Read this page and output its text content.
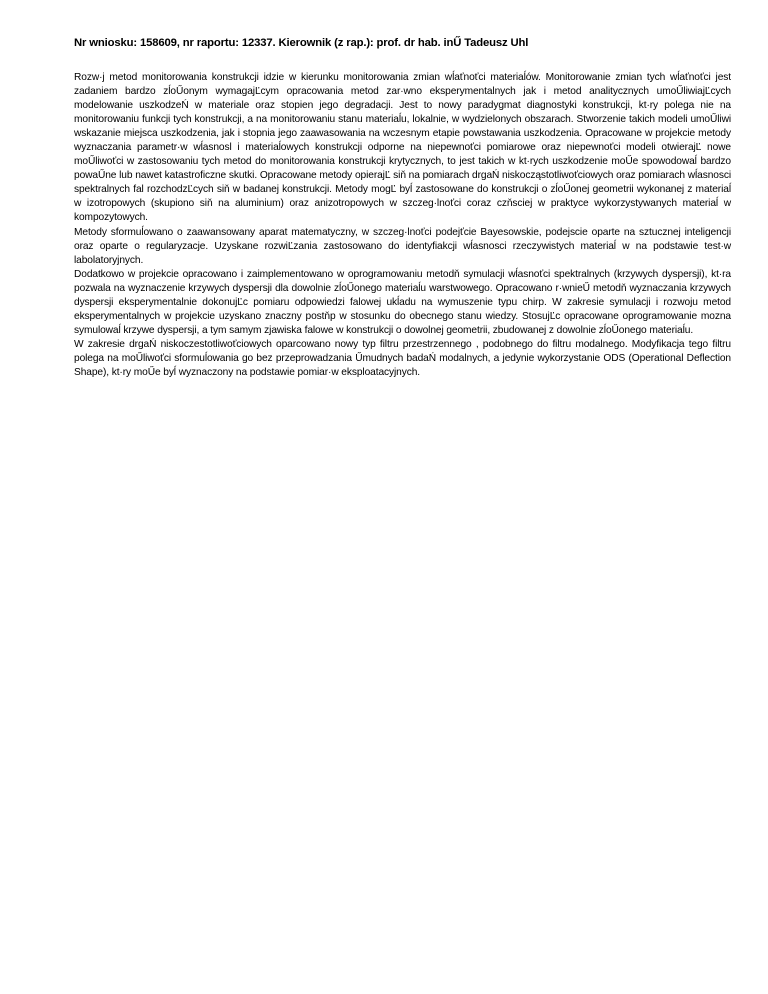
Nr wniosku: 158609, nr raportu: 12337. Kierownik (z rap.): prof. dr hab. inŰ Tadeusz Uhl

Rozw·j metod monitorowania konstrukcji idzie w kierunku monitorowania zmian wĺaťnoťci materiaĺów. Monitorowanie zmian tych wĺaťnoťci jest zadaniem bardzo zĺoŰonym wymagajĽcym opracowania metod zar·wno eksperymentalnych jak i metod analitycznych umoŰliwiajĽcych modelowanie uszkodzeŃ w materiale oraz stopien jego degradacji. Jest to nowy paradygmat diagnostyki konstrukcji, kt·ry polega nie na monitorowaniu funkcji tych konstrukcji, a na monitorowaniu stanu materiaĺu, lokalnie, w wydzielonych obszarach. Stworzenie takich modeli umoŰliwi wskazanie miejsca uszkodzenia, jak i stopnia jego zaawasowania na wczesnym etapie powstawania uszkodzenia. Opracowane w projekcie metody wyznaczania parametr·w wĺasnosl i materiaĺowych konstrukcji odporne na niepewnoťci pomiarowe oraz niepewnoťci modeli otwierajĽ nowe moŰliwoťci w zastosowaniu tych metod do monitorowania konstrukcji krytycznych, to jest takich w kt·rych uszkodzenie moŰe spowodowaĺ bardzo powaŰne lub nawet katastroficzne skutki. Opracowane metody opierajĽ siň na pomiarach drgaŃ niskocząstotliwoťciowych oraz pomiarach wĺasnosci spektralnych fal rozchodzĽcych siň w badanej konstrukcji. Metody mogĽ byĺ zastosowane do konstrukcji o zĺoŰonej geometrii wykonanej z materiaĺ w izotropowych (skupiono siň na aluminium) oraz anizotropowych w szczeg·lnoťci coraz czňsciej w praktyce wykorzystywanych materiaĺ w kompozytowych.

Metody sformuĺowano o zaawansowany aparat matematyczny, w szczeg·lnoťci podejťcie Bayesowskie, podejscie oparte na sztucznej inteligencji oraz oparte o regularyzacje. Uzyskane rozwiĽzania zastosowano do identyfiakcji wĺasnosci rzeczywistych materiaĺ w na podstawie test·w labolatoryjnych.

Dodatkowo w projekcie opracowano i zaimplementowano w oprogramowaniu metodň symulacji wĺasnoťci spektralnych (krzywych dyspersji), kt·ra pozwala na wyznaczenie krzywych dyspersji dla dowolnie zĺoŰonego materiaĺu warstwowego. Opracowano r·wnieŰ metodň wyznaczania krzywych dyspersji eksperymentalnie dokonujĽc pomiaru odpowiedzi falowej ukĺadu na wymuszenie typu chirp. W zakresie symulacji i rozwoju metod eksperymentalnych w projekcie uzyskano znaczny postňp w stosunku do obecnego stanu wiedzy. StosujĽc opracowane oprogramowanie mozna symulowaĺ krzywe dyspersji, a tym samym zjawiska falowe w konstrukcji o dowolnej geometrii, zbudowanej z dowolnie zĺoŰonego materiaĺu.

W zakresie drgaŃ niskoczestotliwoťciowych oparcowano nowy typ filtru przestrzennego , podobnego do filtru modalnego. Modyfikacja tego filtru polega na moŰliwoťci sformuĺowania go bez przeprowadzania Űmudnych badaŃ modalnych, a jedynie wykorzystanie ODS (Operational Deflection Shape), kt·ry moŰe byĺ wyznaczony na podstawie pomiar·w eksploatacyjnych.
